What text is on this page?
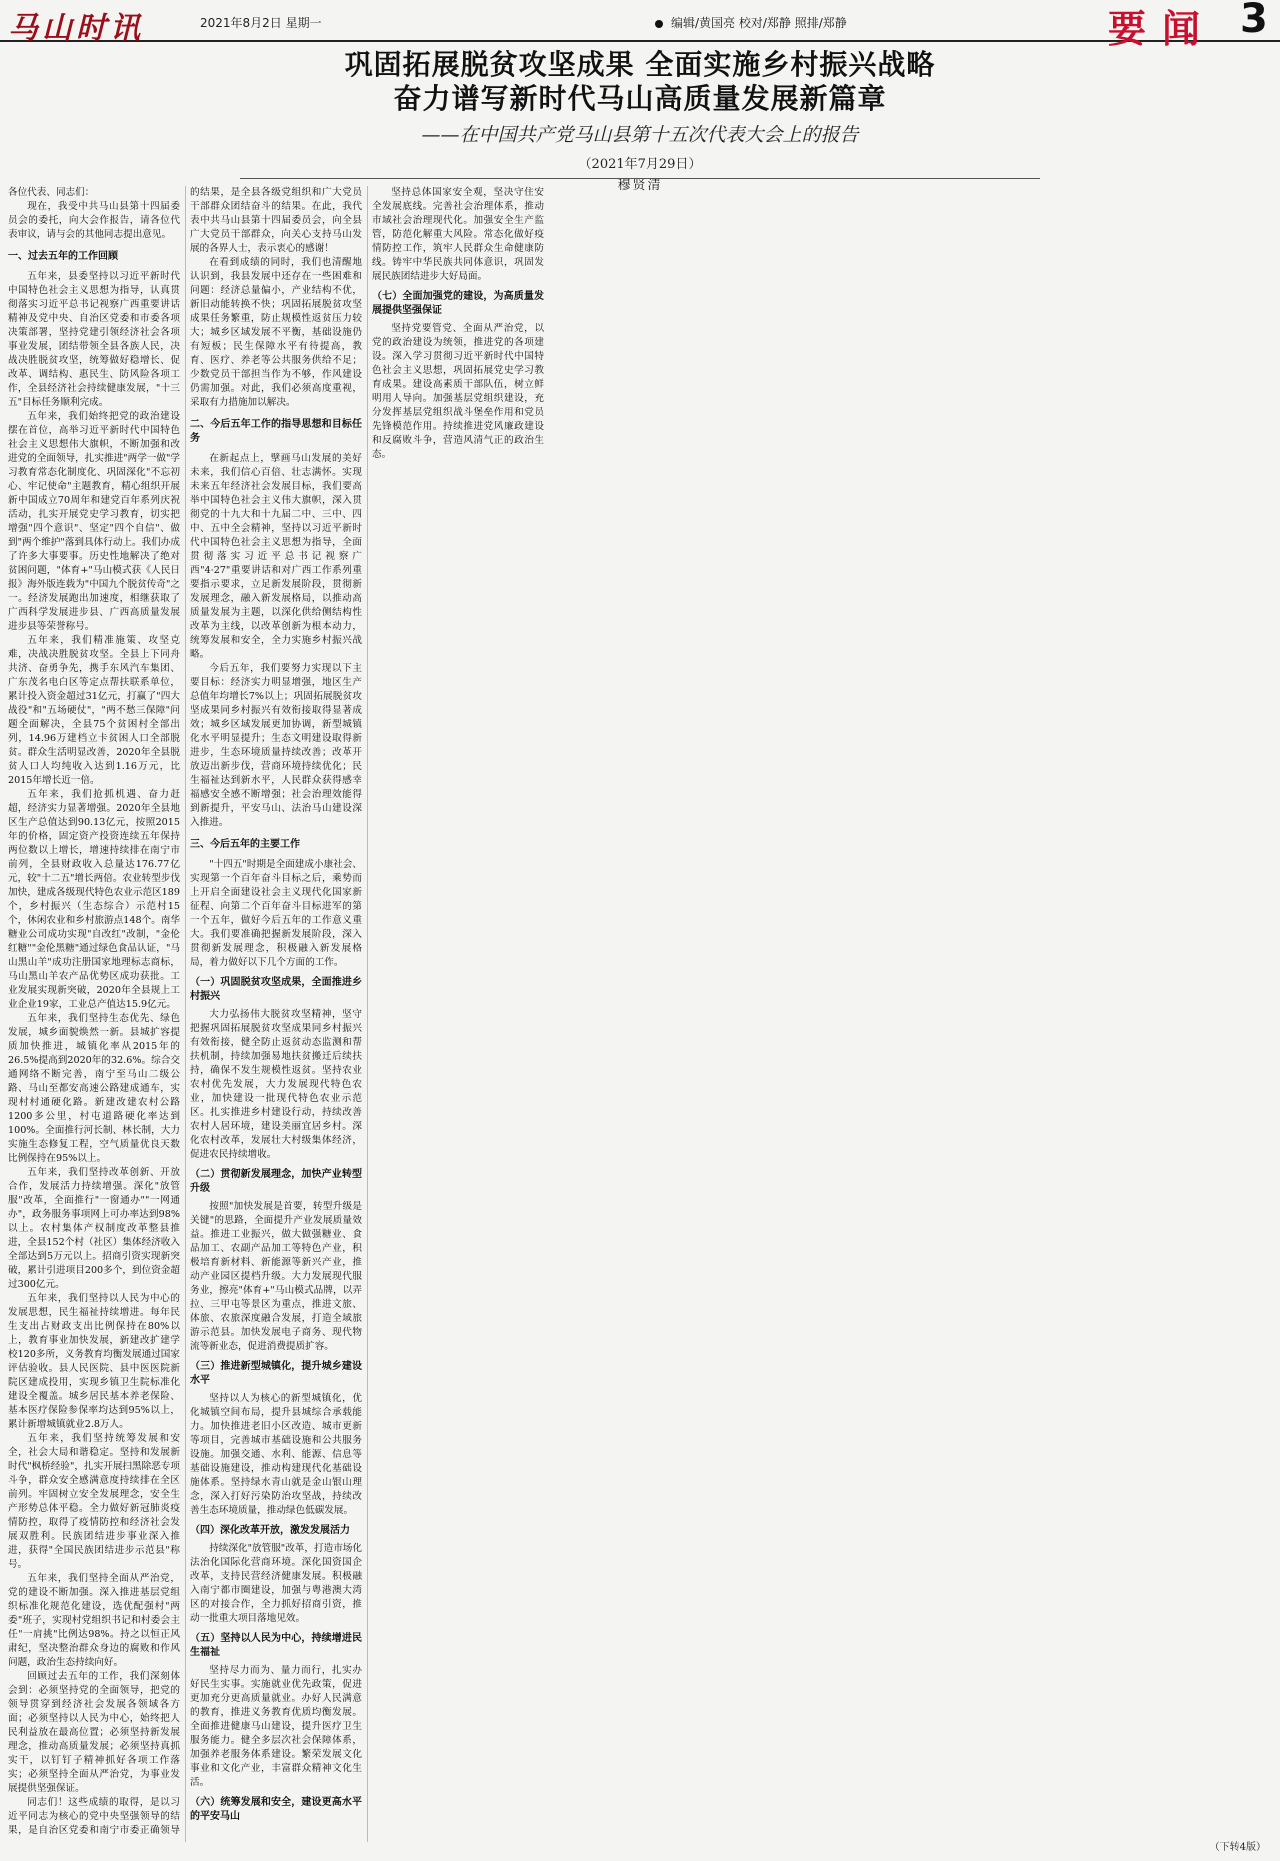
马山时讯	2021年8月2日 星期一	编辑/黄国亮 校对/郑静 照排/郑静	要闻 3
巩固拓展脱贫攻坚成果 全面实施乡村振兴战略
奋力谱写新时代马山高质量发展新篇章
——在中国共产党马山县第十五次代表大会上的报告
（2021年7月29日）
穆贤清

各位代表、同志们：

现在，我受中共马山县第十四届委员会的委托，向大会作报告，请各位代表审议，请与会的其他同志提出意见。

一、过去五年的工作回顾

五年来，县委坚持以习近平新时代中国特色社会主义思想为指导，认真贯彻落实习近平总书记视察广西重要讲话精神及党中央、自治区党委和市委各项决策部署，坚持党建引领经济社会各项事业发展，团结带领全县各族人民，决战决胜脱贫攻坚，统筹做好稳增长、促改革、调结构、惠民生、防风险各项工作，全县经济社会持续健康发展，"十三五"目标任务顺利完成。

五年来，我们始终把党的政治建设摆在首位，高举习近平新时代中国特色社会主义思想伟大旗帜，不断加强和改进党的全面领导，扎实推进"两学一做"学习教育常态化制度化、巩固深化"不忘初心、牢记使命"主题教育，精心组织开展新中国成立70周年和建党百年系列庆祝活动，扎实开展党史学习教育，切实把增强"四个意识"、坚定"四个自信"、做到"两个维护"落到具体行动上。我们办成了许多大事要事。历史性地解决了绝对贫困问题，"体育+"马山模式获《人民日报》海外版连载为"中国九个脱贫传奇"之一。经济发展跑出加速度，相继获取了广西科学发展进步县、广西高质量发展进步县等荣誉称号。

五年来，我们精准施策、攻坚克难，决战决胜脱贫攻坚。全县上下同舟共济、奋勇争先，携手东风汽车集团、广东茂名电白区等定点帮扶联系单位，累计投入资金超过31亿元，打赢了"四大战役"和"五场硬仗"，"两不愁三保障"问题全面解决，全县75个贫困村全部出列，14.96万建档立卡贫困人口全部脱贫。群众生活明显改善，2020年全县脱贫人口人均纯收入达到1.16万元，比2015年增长近一倍。

五年来，我们抢抓机遇、奋力赶超，经济实力显著增强。2020年全县地区生产总值达到90.13亿元，按照2015年的价格，固定资产投资连续五年保持两位数以上增长，增速持续排在南宁市前列，全县财政收入总量达176.77亿元，较"十二五"增长两倍。农业转型步伐加快，建成各级现代特色农业示范区189个，乡村振兴（生态综合）示范村15个，休闲农业和乡村旅游点148个。南华糖业公司成功实现"自改红"改制，"金伦红糖""金伦黑糖"通过绿色食品认证，"马山黑山羊"成功注册国家地理标志商标，马山黑山羊农产品优势区成功获批。工业发展实现新突破，2020年全县规上工业企业19家，工业总产值达15.9亿元。

五年来，我们坚持生态优先、绿色发展，城乡面貌焕然一新。县城扩容提质加快推进，城镇化率从2015年的26.5%提高到2020年的32.6%。综合交通网络不断完善，南宁至马山二级公路、马山至都安高速公路建成通车，实现村村通硬化路。新建改建农村公路1200多公里，村屯道路硬化率达到100%。全面推行河长制、林长制，大力实施生态修复工程，空气质量优良天数比例保持在95%以上。

五年来，我们坚持改革创新、开放合作，发展活力持续增强。深化"放管服"改革，全面推行"一窗通办""一网通办"，政务服务事项网上可办率达到98%以上。农村集体产权制度改革整县推进，全县152个村（社区）集体经济收入全部达到5万元以上。招商引资实现新突破，累计引进项目200多个，到位资金超过300亿元。

五年来，我们坚持以人民为中心的发展思想，民生福祉持续增进。每年民生支出占财政支出比例保持在80%以上，教育事业加快发展，新建改扩建学校120多所，义务教育均衡发展通过国家评估验收。县人民医院、县中医医院新院区建成投用，实现乡镇卫生院标准化建设全覆盖。城乡居民基本养老保险、基本医疗保险参保率均达到95%以上，累计新增城镇就业2.8万人。

五年来，我们坚持统筹发展和安全，社会大局和谐稳定。坚持和发展新时代"枫桥经验"，扎实开展扫黑除恶专项斗争，群众安全感满意度持续排在全区前列。牢固树立安全发展理念，安全生产形势总体平稳。全力做好新冠肺炎疫情防控，取得了疫情防控和经济社会发展双胜利。民族团结进步事业深入推进，获得"全国民族团结进步示范县"称号。

五年来，我们坚持全面从严治党，党的建设不断加强。深入推进基层党组织标准化规范化建设，选优配强村"两委"班子，实现村党组织书记和村委会主任"一肩挑"比例达98%。持之以恒正风肃纪，坚决整治群众身边的腐败和作风问题，政治生态持续向好。

回顾过去五年的工作，我们深刻体会到：必须坚持党的全面领导，把党的领导贯穿到经济社会发展各领域各方面；必须坚持以人民为中心，始终把人民利益放在最高位置；必须坚持新发展理念，推动高质量发展；必须坚持真抓实干，以钉钉子精神抓好各项工作落实；必须坚持全面从严治党，为事业发展提供坚强保证。

同志们！这些成绩的取得，是以习近平同志为核心的党中央坚强领导的结果，是自治区党委和南宁市委正确领导的结果，是全县各级党组织和广大党员干部群众团结奋斗的结果。在此，我代表中共马山县第十四届委员会，向全县广大党员干部群众，向关心支持马山发展的各界人士，表示衷心的感谢！

在看到成绩的同时，我们也清醒地认识到，我县发展中还存在一些困难和问题：经济总量偏小，产业结构不优，新旧动能转换不快；巩固拓展脱贫攻坚成果任务繁重，防止规模性返贫压力较大；城乡区域发展不平衡，基础设施仍有短板；民生保障水平有待提高，教育、医疗、养老等公共服务供给不足；少数党员干部担当作为不够，作风建设仍需加强。对此，我们必须高度重视，采取有力措施加以解决。

二、今后五年工作的指导思想和目标任务

在新起点上，擘画马山发展的美好未来，我们信心百倍、壮志满怀。实现未来五年经济社会发展目标，我们要高举中国特色社会主义伟大旗帜，深入贯彻党的十九大和十九届二中、三中、四中、五中全会精神，坚持以习近平新时代中国特色社会主义思想为指导，全面贯彻落实习近平总书记视察广西"4·27"重要讲话和对广西工作系列重要指示要求，立足新发展阶段，贯彻新发展理念，融入新发展格局，以推动高质量发展为主题，以深化供给侧结构性改革为主线，以改革创新为根本动力，统筹发展和安全，全力实施乡村振兴战略。

今后五年，我们要努力实现以下主要目标：经济实力明显增强，地区生产总值年均增长7%以上；巩固拓展脱贫攻坚成果同乡村振兴有效衔接取得显著成效；城乡区域发展更加协调，新型城镇化水平明显提升；生态文明建设取得新进步，生态环境质量持续改善；改革开放迈出新步伐，营商环境持续优化；民生福祉达到新水平，人民群众获得感幸福感安全感不断增强；社会治理效能得到新提升，平安马山、法治马山建设深入推进。

三、今后五年的主要工作

"十四五"时期是全面建成小康社会、实现第一个百年奋斗目标之后，乘势而上开启全面建设社会主义现代化国家新征程、向第二个百年奋斗目标进军的第一个五年，做好今后五年的工作意义重大。我们要准确把握新发展阶段，深入贯彻新发展理念，积极融入新发展格局，着力做好以下几个方面的工作。

（一）巩固脱贫攻坚成果，全面推进乡村振兴

大力弘扬伟大脱贫攻坚精神，坚守把握巩固拓展脱贫攻坚成果同乡村振兴有效衔接，健全防止返贫动态监测和帮扶机制，持续加强易地扶贫搬迁后续扶持，确保不发生规模性返贫。坚持农业农村优先发展，大力发展现代特色农业，加快建设一批现代特色农业示范区。扎实推进乡村建设行动，持续改善农村人居环境，建设美丽宜居乡村。深化农村改革，发展壮大村级集体经济，促进农民持续增收。

（二）贯彻新发展理念，加快产业转型升级

按照"加快发展是首要，转型升级是关键"的思路，全面提升产业发展质量效益。推进工业振兴，做大做强糖业、食品加工、农副产品加工等特色产业，积极培育新材料、新能源等新兴产业，推动产业园区提档升级。大力发展现代服务业，擦亮"体育+"马山模式品牌，以弄拉、三甲屯等景区为重点，推进文旅、体旅、农旅深度融合发展，打造全域旅游示范县。加快发展电子商务、现代物流等新业态，促进消费提质扩容。

（三）推进新型城镇化，提升城乡建设水平

坚持以人为核心的新型城镇化，优化城镇空间布局，提升县城综合承载能力。加快推进老旧小区改造、城市更新等项目，完善城市基础设施和公共服务设施。加强交通、水利、能源、信息等基础设施建设，推动构建现代化基础设施体系。坚持绿水青山就是金山银山理念，深入打好污染防治攻坚战，持续改善生态环境质量，推动绿色低碳发展。

（四）深化改革开放，激发发展活力

持续深化"放管服"改革，打造市场化法治化国际化营商环境。深化国资国企改革，支持民营经济健康发展。积极融入南宁都市圈建设，加强与粤港澳大湾区的对接合作，全力抓好招商引资，推动一批重大项目落地见效。

（五）坚持以人民为中心，持续增进民生福祉

坚持尽力而为、量力而行，扎实办好民生实事。实施就业优先政策，促进更加充分更高质量就业。办好人民满意的教育，推进义务教育优质均衡发展。全面推进健康马山建设，提升医疗卫生服务能力。健全多层次社会保障体系，加强养老服务体系建设。繁荣发展文化事业和文化产业，丰富群众精神文化生活。

（六）统筹发展和安全，建设更高水平的平安马山

坚持总体国家安全观，坚决守住安全发展底线。完善社会治理体系，推动市域社会治理现代化。加强安全生产监管，防范化解重大风险。常态化做好疫情防控工作，筑牢人民群众生命健康防线。铸牢中华民族共同体意识，巩固发展民族团结进步大好局面。

（七）全面加强党的建设，为高质量发展提供坚强保证

坚持党要管党、全面从严治党，以党的政治建设为统领，推进党的各项建设。深入学习贯彻习近平新时代中国特色社会主义思想，巩固拓展党史学习教育成果。建设高素质干部队伍，树立鲜明用人导向。加强基层党组织建设，充分发挥基层党组织战斗堡垒作用和党员先锋模范作用。持续推进党风廉政建设和反腐败斗争，营造风清气正的政治生态。

（下转4版）
